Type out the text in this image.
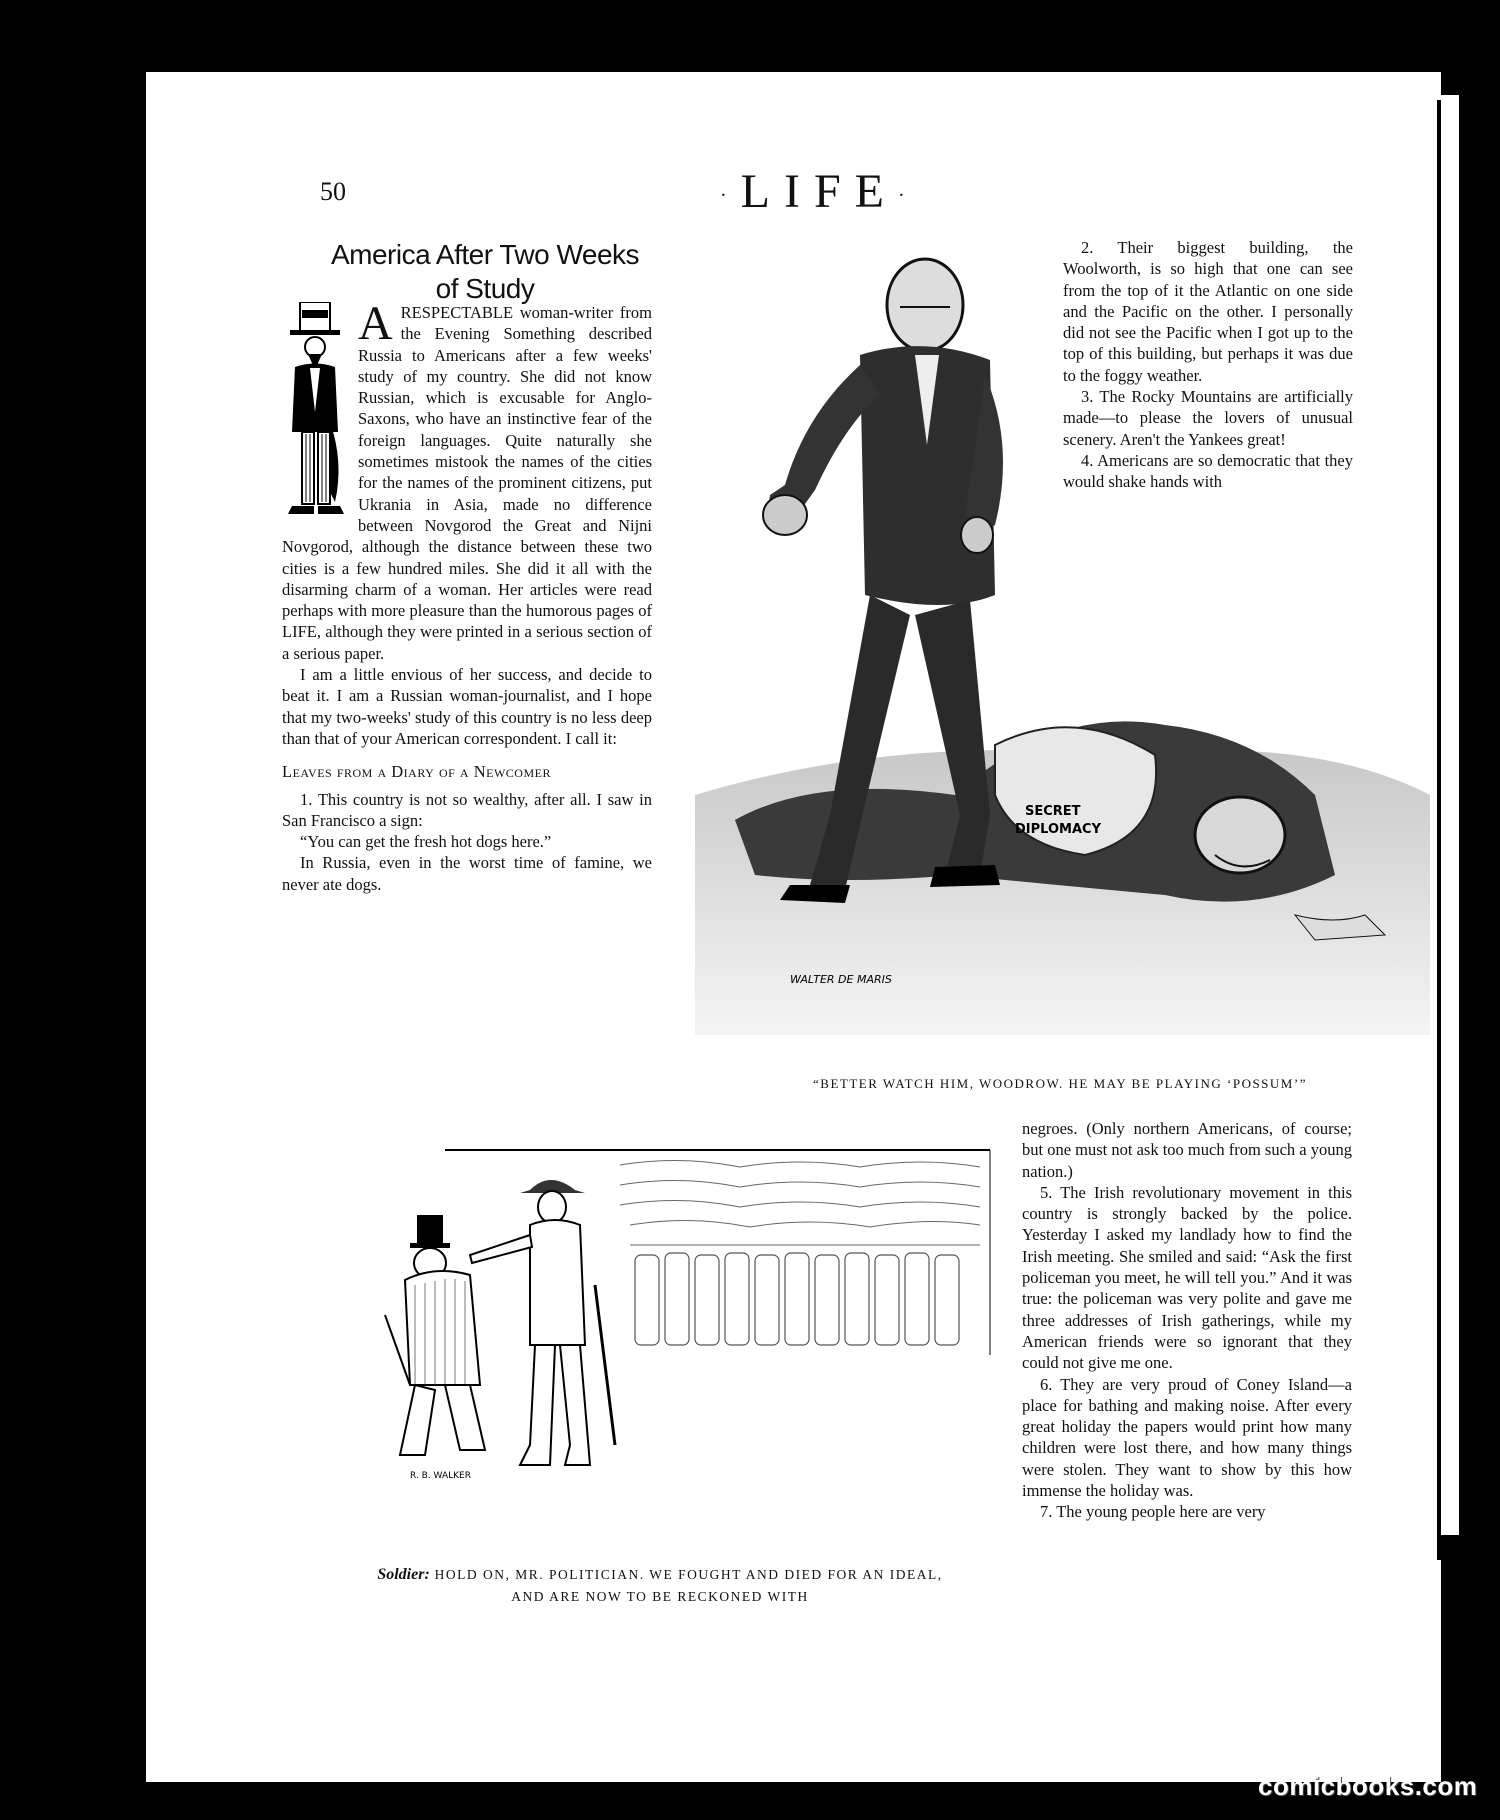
50	·LIFE·
America After Two Weeks
of Study

ARESPECTABLE woman-writer from the Evening Something described Russia to Americans after a few weeks' study of my country. She did not know Russian, which is excusable for Anglo-Saxons, who have an instinctive fear of the foreign languages. Quite naturally she sometimes mistook the names of the cities for the names of the prominent citizens, put Ukrania in Asia, made no difference between Novgorod the Great and Nijni Novgorod, although the distance between these two cities is a few hundred miles. She did it all with the disarming charm of a woman. Her articles were read perhaps with more pleasure than the humorous pages of LIFE, although they were printed in a serious section of a serious paper.

I am a little envious of her success, and decide to beat it. I am a Russian woman-journalist, and I hope that my two-weeks' study of this country is no less deep than that of your American correspondent. I call it:

Leaves from a Diary of a Newcomer

1. This country is not so wealthy, after all. I saw in San Francisco a sign:

“You can get the fresh hot dogs here.”

In Russia, even in the worst time of famine, we never ate dogs.

2. Their biggest building, the Woolworth, is so high that one can see from the top of it the Atlantic on one side and the Pacific on the other. I personally did not see the Pacific when I got up to the top of this building, but perhaps it was due to the foggy weather.

3. The Rocky Mountains are artificially made—to please the lovers of unusual scenery. Aren't the Yankees great!

4. Americans are so democratic that they would shake hands with

negroes. (Only northern Americans, of course; but one must not ask too much from such a young nation.)

5. The Irish revolutionary movement in this country is strongly backed by the police. Yesterday I asked my landlady how to find the Irish meeting. She smiled and said: “Ask the first policeman you meet, he will tell you.” And it was true: the policeman was very polite and gave me three addresses of Irish gatherings, while my American friends were so ignorant that they could not give me one.

6. They are very proud of Coney Island—a place for bathing and making noise. After every great holiday the papers would print how many children were lost there, and how many things were stolen. They want to show by this how immense the holiday was.

7. The young people here are very

SECRET
DIPLOMACY
WALTER DE MARIS
“BETTER WATCH HIM, WOODROW. HE MAY BE PLAYING ‘POSSUM’”
R. B. WALKER
Soldier: HOLD ON, MR. POLITICIAN. WE FOUGHT AND DIED FOR AN IDEAL,
AND ARE NOW TO BE RECKONED WITH
comicbooks.com
